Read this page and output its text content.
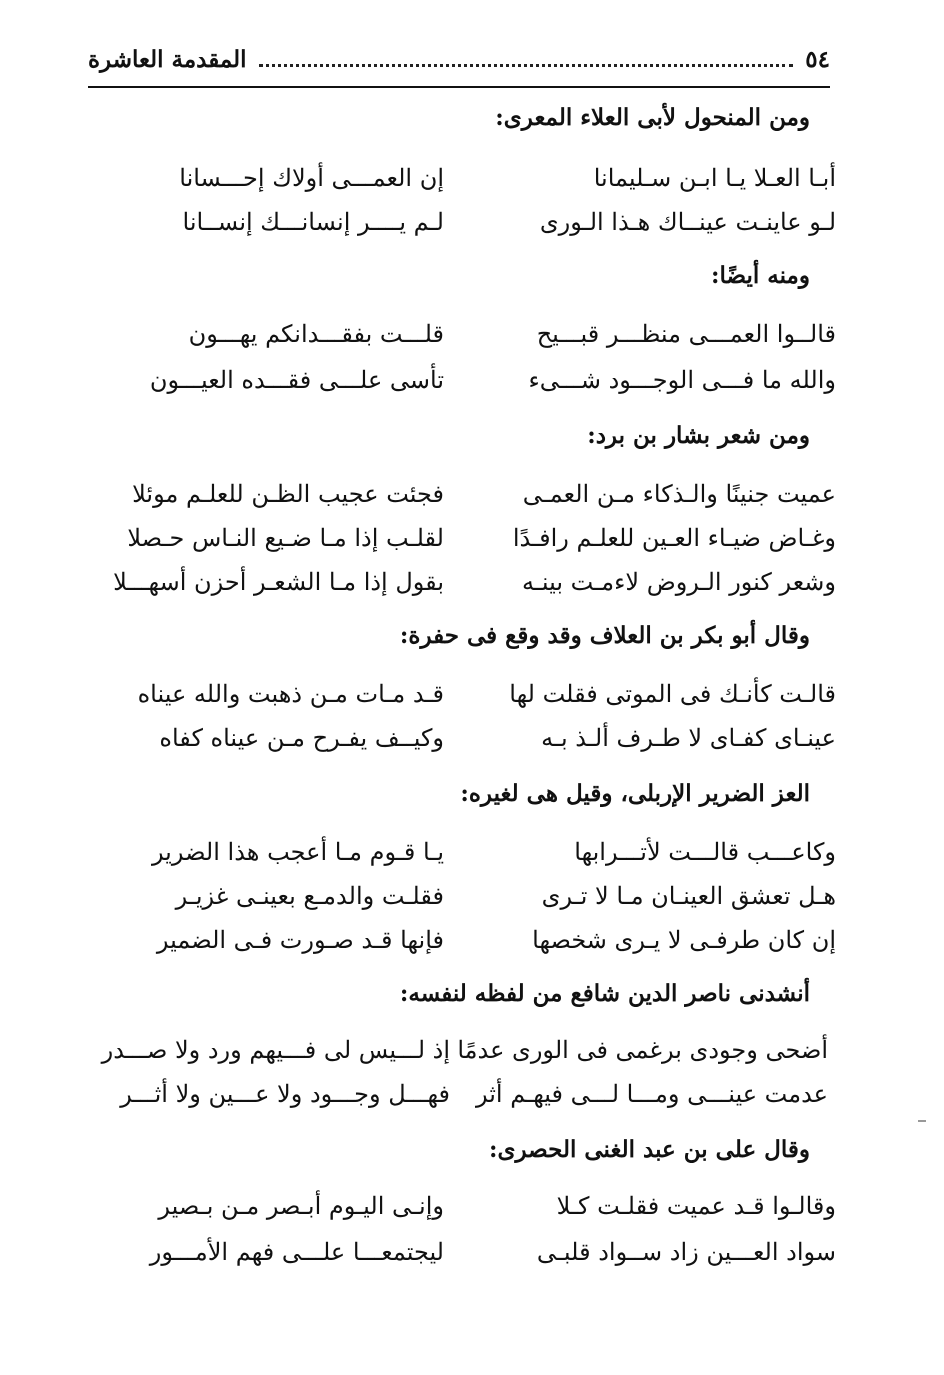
٥٤
المقدمة العاشرة
ومن المنحول لأبى العلاء المعرى:
أبـا العـلا يـا ابـن سـليمانا
إن العمـــى أولاك إحـــسانا
لـو عاينـت عينــاك هـذا الـورى
لـم يــــر إنسانـــك إنســانا
ومنه أيضًا:
قالــوا العمـــى منظـــر قبـــيح
قلـــت بفقـــدانكم يهـــون
والله ما فـــى الوجـــود شـــىء
تأسى علـــى فقـــده العيـــون
ومن شعر بشار بن برد:
عميت جنينًا والـذكاء مـن العمـى
فجئت عجيب الظـن للعلـم موئلا
وغـاض ضيـاء العـين للعلـم رافـدًا
لقلـب إذا مـا ضـيع النـاس حـصلا
وشعر كنور الـروض لاءمـت بينـه
بقول إذا مـا الشعـر أحزن أسهـــلا
وقال أبو بكر بن العلاف وقد وقع فى حفرة:
قالـت كأنـك فى الموتى فقلت لها
قـد مـات مـن ذهبت والله عيناه
عينـاى كفـاى لا طـرف ألـذ بـه
وكيــف يفـرح مـن عيناه كفاه
العز الضرير الإربلى، وقيل هى لغيره:
وكاعـــب قالـــت لأتـــرابها
يـا قـوم مـا أعجب هذا الضرير
هـل تعشق العينـان مـا لا تـرى
فقلـت والدمـع بعينـى غزيـر
إن كان طرفـى لا يـرى شخصها
فإنها قـد صـورت فـى الضمير
أنشدنى ناصر الدين شافع من لفظه لنفسه:
أضحى وجودى برغمى فى الورى عدمًا
إذ لـــيس لى فـــيهم ورد ولا صـــدر
عدمت عينـــى ومـــا لـــى فيهـم أثر
فهـــل وجـــود ولا عـــين ولا أثـــر
وقال على بن عبد الغنى الحصرى:
وقالـوا قـد عميت فقلـت كـلا
وإنـى اليـوم أبـصر مـن بـصير
سواد العـــين زاد ســواد قلبـى
ليجتمعـــا علـــى فهم الأمـــور
